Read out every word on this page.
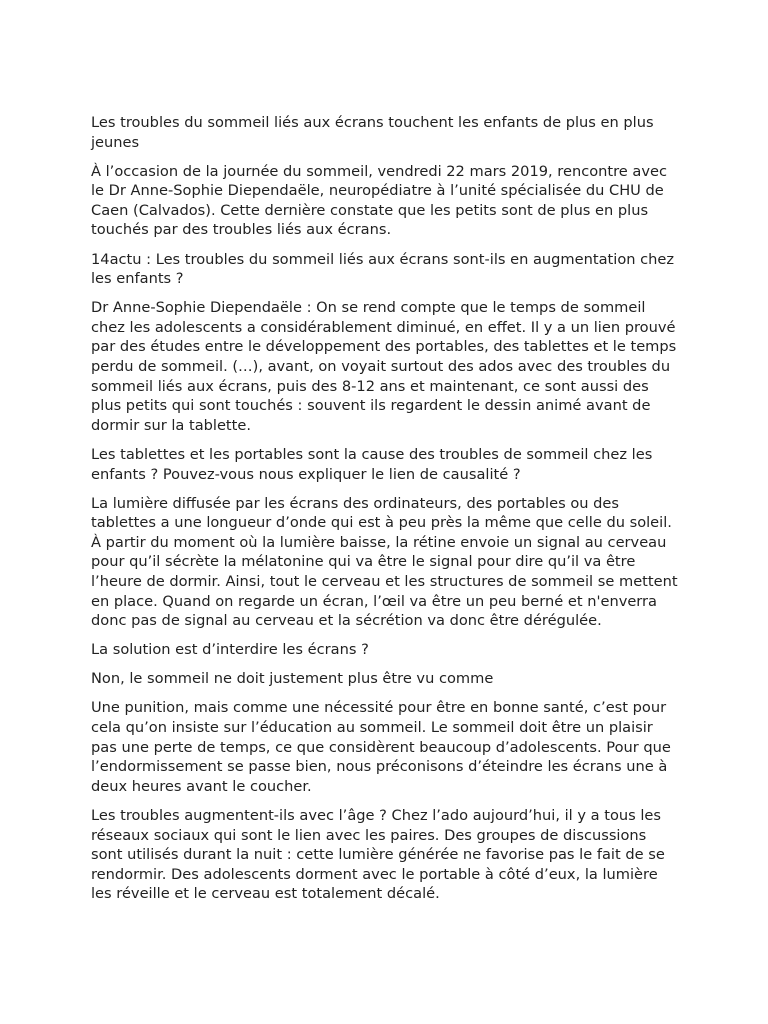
Les troubles du sommeil liés aux écrans touchent les enfants de plus en plus jeunes

À l’occasion de la journée du sommeil, vendredi 22 mars 2019, rencontre avec le Dr Anne-Sophie Diependaële, neuropédiatre à l’unité spécialisée du CHU de Caen (Calvados). Cette dernière constate que les petits sont de plus en plus touchés par des troubles liés aux écrans.

14actu : Les troubles du sommeil liés aux écrans sont-ils en augmentation chez les enfants ?

Dr Anne-Sophie Diependaële : On se rend compte que le temps de sommeil chez les adolescents a considérablement diminué, en effet. Il y a un lien prouvé par des études entre le développement des portables, des tablettes et le temps perdu de sommeil. (…), avant, on voyait surtout des ados avec des troubles du sommeil liés aux écrans, puis des 8-12 ans et maintenant, ce sont aussi des plus petits qui sont touchés : souvent ils regardent le dessin animé avant de dormir sur la tablette.

Les tablettes et les portables sont la cause des troubles de sommeil chez les enfants ? Pouvez-vous nous expliquer le lien de causalité ?

La lumière diffusée par les écrans des ordinateurs, des portables ou des tablettes a une longueur d’onde qui est à peu près la même que celle du soleil. À partir du moment où la lumière baisse, la rétine envoie un signal au cerveau pour qu’il sécrète la mélatonine qui va être le signal pour dire qu’il va être l’heure de dormir. Ainsi, tout le cerveau et les structures de sommeil se mettent en place. Quand on regarde un écran, l’œil va être un peu berné et n'enverra donc pas de signal au cerveau et la sécrétion va donc être déréguléе.

La solution est d’interdire les écrans ?

Non, le sommeil ne doit justement plus être vu comme

Une punition, mais comme une nécessité pour être en bonne santé, c’est pour cela qu’on insiste sur l’éducation au sommeil. Le sommeil doit être un plaisir pas une perte de temps, ce que considèrent beaucoup d’adolescents. Pour que l’endormissement se passe bien, nous préconisons d’éteindre les écrans une à deux heures avant le coucher.

Les troubles augmentent-ils avec l’âge ? Chez l’ado aujourd’hui, il y a tous les réseaux sociaux qui sont le lien avec les paires. Des groupes de discussions sont utilisés durant la nuit : cette lumière générée ne favorise pas le fait de se rendormir. Des adolescents dorment avec le portable à côté d’eux, la lumière les réveille et le cerveau est totalement décalé.
